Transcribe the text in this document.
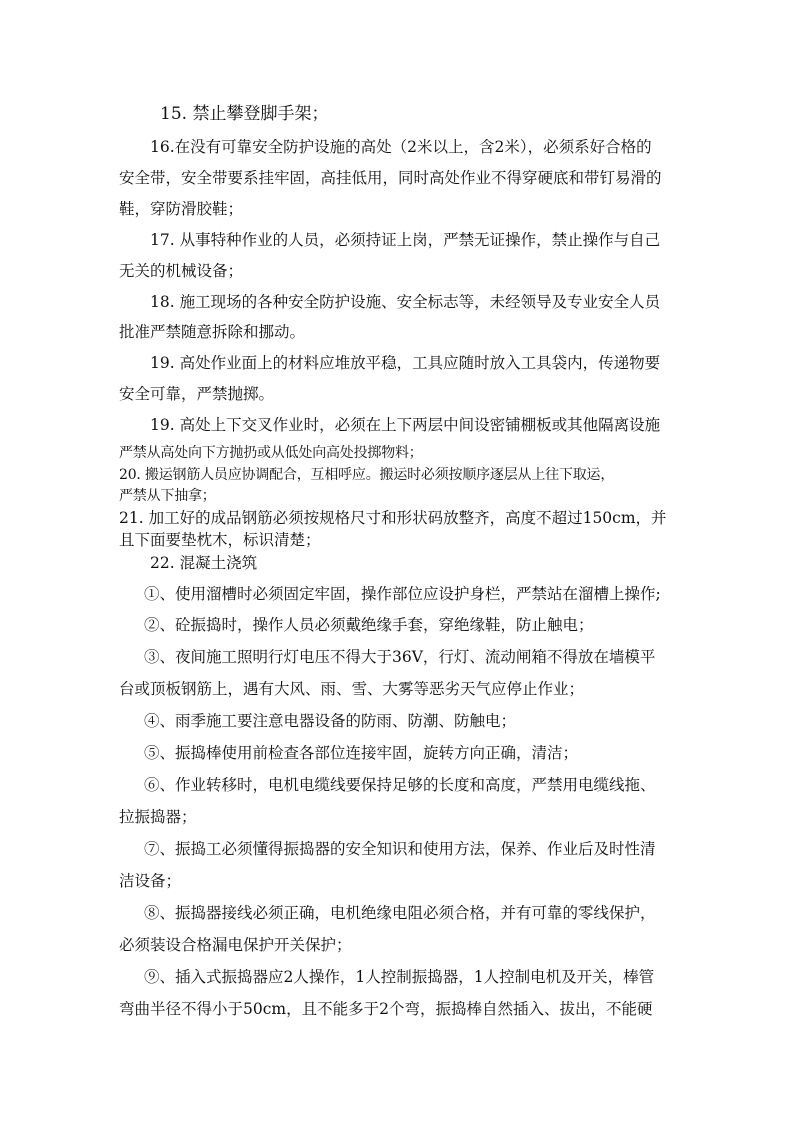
15. 禁止攀登脚手架；
16.在没有可靠安全防护设施的高处（2米以上，含2米），必须系好合格的
安全带，安全带要系挂牢固，高挂低用，同时高处作业不得穿硬底和带钉易滑的
鞋，穿防滑胶鞋；
17. 从事特种作业的人员，必须持证上岗，严禁无证操作，禁止操作与自己
无关的机械设备；
18. 施工现场的各种安全防护设施、安全标志等，未经领导及专业安全人员
批准严禁随意拆除和挪动。
19. 高处作业面上的材料应堆放平稳，工具应随时放入工具袋内，传递物要
安全可靠，严禁抛掷。
19. 高处上下交叉作业时，必须在上下两层中间设密铺棚板或其他隔离设施
严禁从高处向下方抛扔或从低处向高处投掷物料；
20. 搬运钢筋人员应协调配合，互相呼应。搬运时必须按顺序逐层从上往下取运，
严禁从下抽拿；
21. 加工好的成品钢筋必须按规格尺寸和形状码放整齐，高度不超过150cm，并
且下面要垫枕木，标识清楚；
22. 混凝土浇筑
①、使用溜槽时必须固定牢固，操作部位应设护身栏，严禁站在溜槽上操作;
②、砼振捣时，操作人员必须戴绝缘手套，穿绝缘鞋，防止触电；
③、夜间施工照明行灯电压不得大于36V，行灯、流动闸箱不得放在墙模平
台或顶板钢筋上，遇有大风、雨、雪、大雾等恶劣天气应停止作业；
④、雨季施工要注意电器设备的防雨、防潮、防触电；
⑤、振捣棒使用前检查各部位连接牢固，旋转方向正确，清洁；
⑥、作业转移时，电机电缆线要保持足够的长度和高度，严禁用电缆线拖、
拉振捣器；
⑦、振捣工必须懂得振捣器的安全知识和使用方法，保养、作业后及时性清
洁设备；
⑧、振捣器接线必须正确，电机绝缘电阻必须合格，并有可靠的零线保护，
必须装设合格漏电保护开关保护；
⑨、插入式振捣器应2人操作，1人控制振捣器，1人控制电机及开关，棒管
弯曲半径不得小于50cm，且不能多于2个弯，振捣棒自然插入、拔出，不能硬
